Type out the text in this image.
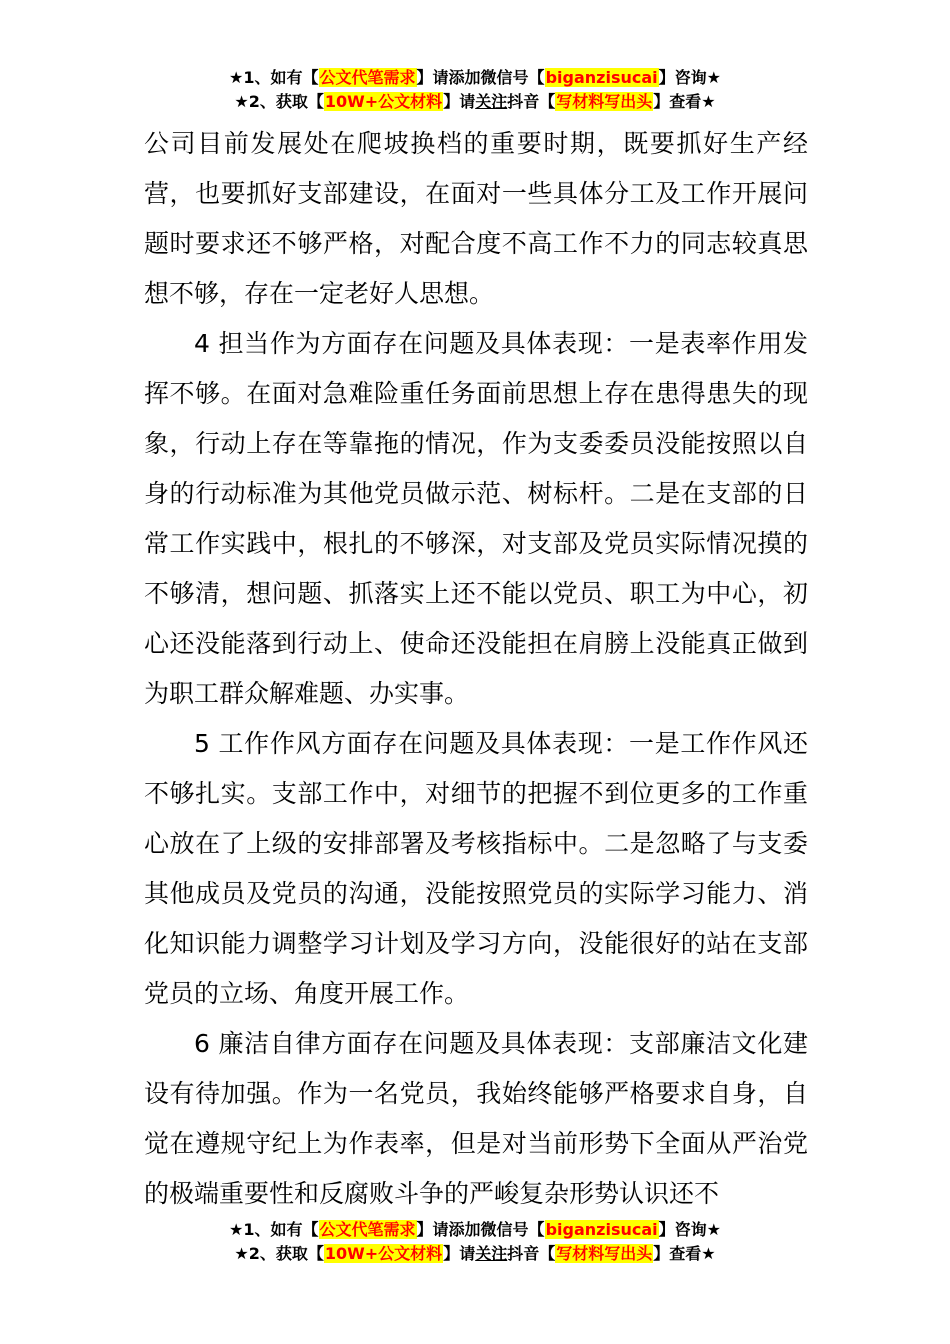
★1、如有【公文代笔需求】请添加微信号【biganzisucai】咨询★
★2、获取【10W+公文材料】请关注抖音【写材料写出头】查看★

公司目前发展处在爬坡换档的重要时期，既要抓好生产经营，也要抓好支部建设，在面对一些具体分工及工作开展问题时要求还不够严格，对配合度不高工作不力的同志较真思想不够，存在一定老好人思想。

4 担当作为方面存在问题及具体表现：一是表率作用发挥不够。在面对急难险重任务面前思想上存在患得患失的现象，行动上存在等靠拖的情况，作为支委委员没能按照以自身的行动标准为其他党员做示范、树标杆。二是在支部的日常工作实践中，根扎的不够深，对支部及党员实际情况摸的不够清，想问题、抓落实上还不能以党员、职工为中心，初心还没能落到行动上、使命还没能担在肩膀上没能真正做到为职工群众解难题、办实事。

5 工作作风方面存在问题及具体表现：一是工作作风还不够扎实。支部工作中，对细节的把握不到位更多的工作重心放在了上级的安排部署及考核指标中。二是忽略了与支委其他成员及党员的沟通，没能按照党员的实际学习能力、消化知识能力调整学习计划及学习方向，没能很好的站在支部党员的立场、角度开展工作。

6 廉洁自律方面存在问题及具体表现：支部廉洁文化建设有待加强。作为一名党员，我始终能够严格要求自身，自觉在遵规守纪上为作表率，但是对当前形势下全面从严治党的极端重要性和反腐败斗争的严峻复杂形势认识还不

★1、如有【公文代笔需求】请添加微信号【biganzisucai】咨询★
★2、获取【10W+公文材料】请关注抖音【写材料写出头】查看★
